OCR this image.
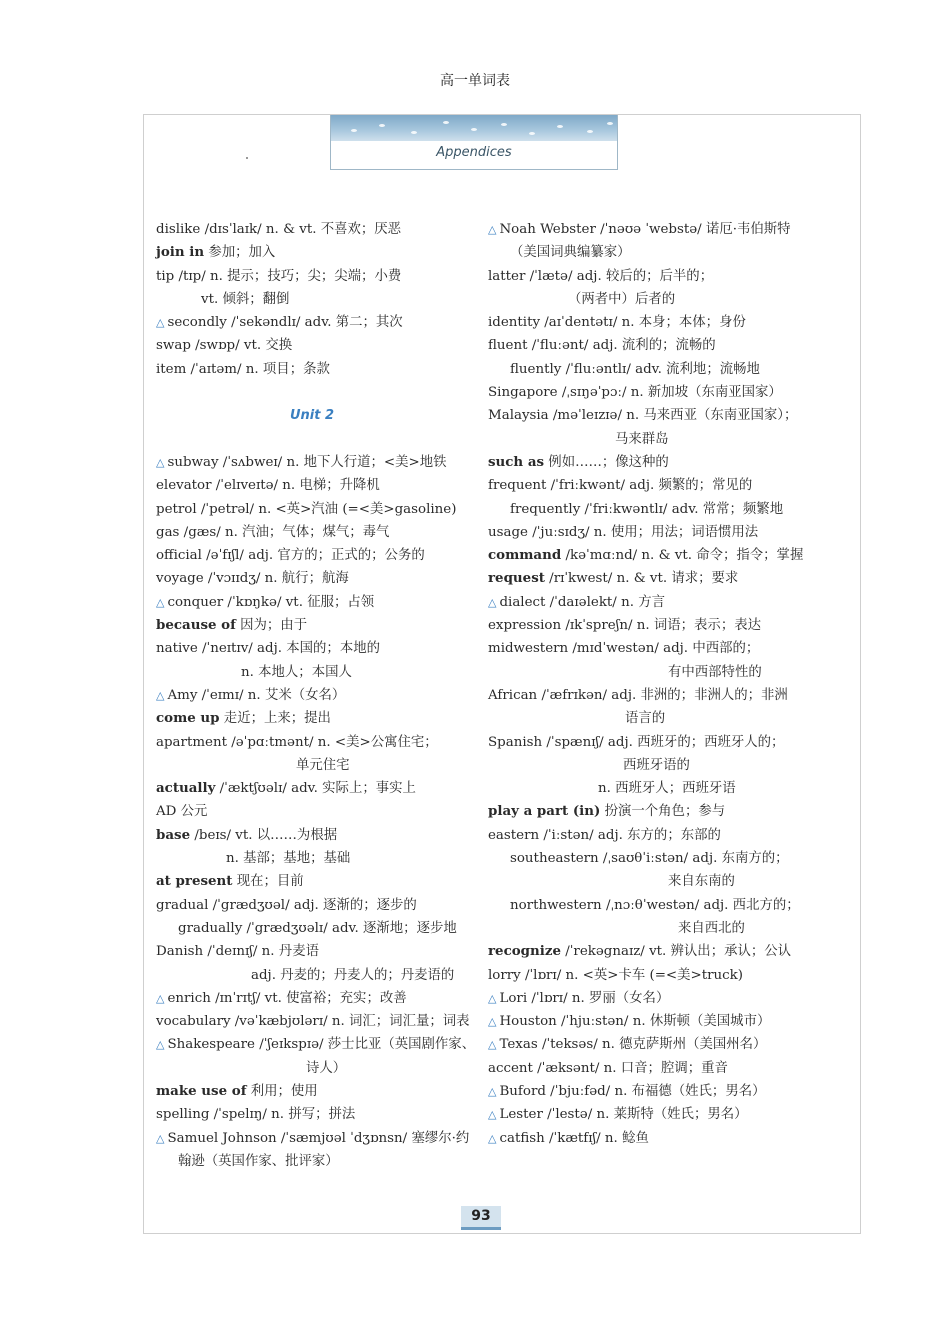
高一单词表
Appendices
dislike /dɪsˈlaɪk/ n. & vt. 不喜欢；厌恶
join in 参加；加入
tip /tɪp/ n. 提示；技巧；尖；尖端；小费
vt. 倾斜；翻倒
△ secondly /ˈsekəndlɪ/ adv. 第二；其次
swap /swɒp/ vt. 交换
item /ˈaɪtəm/ n. 项目；条款
Unit 2
△ subway /ˈsʌbweɪ/ n. 地下人行道；<美>地铁
elevator /ˈelɪveɪtə/ n. 电梯；升降机
petrol /ˈpetrəl/ n. <英>汽油 (=<美>gasoline)
gas /gæs/ n. 汽油；气体；煤气；毒气
official /əˈfɪʃl/ adj. 官方的；正式的；公务的
voyage /ˈvɔɪɪdʒ/ n. 航行；航海
△ conquer /ˈkɒŋkə/ vt. 征服；占领
because of 因为；由于
native /ˈneɪtɪv/ adj. 本国的；本地的
n. 本地人；本国人
△ Amy /ˈeɪmɪ/ n. 艾米（女名）
come up 走近；上来；提出
apartment /əˈpɑːtmənt/ n. <美>公寓住宅；
单元住宅
actually /ˈæktʃʊəlɪ/ adv. 实际上；事实上
AD 公元
base /beɪs/ vt. 以……为根据
n. 基部；基地；基础
at present 现在；目前
gradual /ˈgrædʒʊəl/ adj. 逐渐的；逐步的
gradually /ˈgrædʒʊəlɪ/ adv. 逐渐地；逐步地
Danish /ˈdeɪnɪʃ/ n. 丹麦语
adj. 丹麦的；丹麦人的；丹麦语的
△ enrich /ɪnˈrɪtʃ/ vt. 使富裕；充实；改善
vocabulary /vəˈkæbjʊlərɪ/ n. 词汇；词汇量；词表
△ Shakespeare /ˈʃeɪkspɪə/ 莎士比亚（英国剧作家、
诗人）
make use of 利用；使用
spelling /ˈspelɪŋ/ n. 拼写；拼法
△ Samuel Johnson /ˈsæmjʊəl ˈdʒɒnsn/ 塞缪尔·约
翰逊（英国作家、批评家）
△ Noah Webster /ˈnəʊə ˈwebstə/ 诺厄·韦伯斯特
（美国词典编纂家）
latter /ˈlætə/ adj. 较后的；后半的；
（两者中）后者的
identity /aɪˈdentətɪ/ n. 本身；本体；身份
fluent /ˈfluːənt/ adj. 流利的；流畅的
fluently /ˈfluːəntlɪ/ adv. 流利地；流畅地
Singapore /ˌsɪŋəˈpɔː/ n. 新加坡（东南亚国家）
Malaysia /məˈleɪzɪə/ n. 马来西亚（东南亚国家）；
马来群岛
such as 例如……；像这种的
frequent /ˈfriːkwənt/ adj. 频繁的；常见的
frequently /ˈfriːkwəntlɪ/ adv. 常常；频繁地
usage /ˈjuːsɪdʒ/ n. 使用；用法；词语惯用法
command /kəˈmɑːnd/ n. & vt. 命令；指令；掌握
request /rɪˈkwest/ n. & vt. 请求；要求
△ dialect /ˈdaɪəlekt/ n. 方言
expression /ɪkˈspreʃn/ n. 词语；表示；表达
midwestern /mɪdˈwestən/ adj. 中西部的；
有中西部特性的
African /ˈæfrɪkən/ adj. 非洲的；非洲人的；非洲
语言的
Spanish /ˈspænɪʃ/ adj. 西班牙的；西班牙人的；
西班牙语的
n. 西班牙人；西班牙语
play a part (in) 扮演一个角色；参与
eastern /ˈiːstən/ adj. 东方的；东部的
southeastern /ˌsaʊθˈiːstən/ adj. 东南方的；
来自东南的
northwestern /ˌnɔːθˈwestən/ adj. 西北方的；
来自西北的
recognize /ˈrekəgnaɪz/ vt. 辨认出；承认；公认
lorry /ˈlɒrɪ/ n. <英>卡车 (=<美>truck)
△ Lori /ˈlɒrɪ/ n. 罗丽（女名）
△ Houston /ˈhjuːstən/ n. 休斯顿（美国城市）
△ Texas /ˈteksəs/ n. 德克萨斯州（美国州名）
accent /ˈæksənt/ n. 口音；腔调；重音
△ Buford /ˈbjuːfəd/ n. 布福德（姓氏；男名）
△ Lester /ˈlestə/ n. 莱斯特（姓氏；男名）
△ catfish /ˈkætfɪʃ/ n. 鲶鱼
93
